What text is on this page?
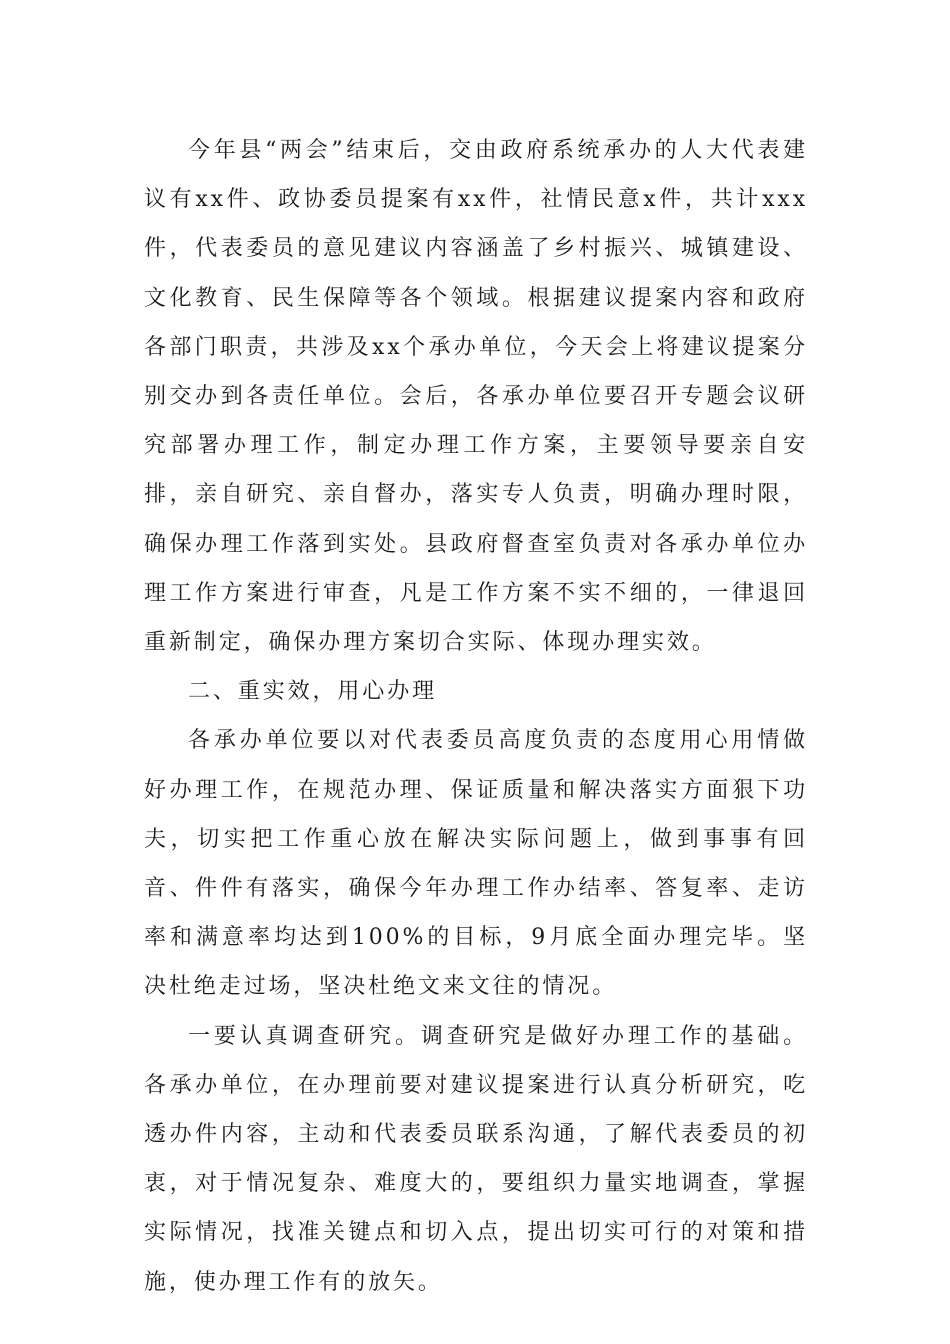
今年县“两会”结束后，交由政府系统承办的人大代表建议有xx件、政协委员提案有xx件，社情民意x件，共计xxx件，代表委员的意见建议内容涵盖了乡村振兴、城镇建设、文化教育、民生保障等各个领域。根据建议提案内容和政府各部门职责，共涉及xx个承办单位，今天会上将建议提案分别交办到各责任单位。会后，各承办单位要召开专题会议研究部署办理工作，制定办理工作方案，主要领导要亲自安排，亲自研究、亲自督办，落实专人负责，明确办理时限，确保办理工作落到实处。县政府督查室负责对各承办单位办理工作方案进行审查，凡是工作方案不实不细的，一律退回重新制定，确保办理方案切合实际、体现办理实效。

二、重实效，用心办理

各承办单位要以对代表委员高度负责的态度用心用情做好办理工作，在规范办理、保证质量和解决落实方面狠下功夫，切实把工作重心放在解决实际问题上，做到事事有回音、件件有落实，确保今年办理工作办结率、答复率、走访率和满意率均达到100%的目标，9月底全面办理完毕。坚决杜绝走过场，坚决杜绝文来文往的情况。

一要认真调查研究。调查研究是做好办理工作的基础。各承办单位，在办理前要对建议提案进行认真分析研究，吃透办件内容，主动和代表委员联系沟通，了解代表委员的初衷，对于情况复杂、难度大的，要组织力量实地调查，掌握实际情况，找准关键点和切入点，提出切实可行的对策和措施，使办理工作有的放矢。
